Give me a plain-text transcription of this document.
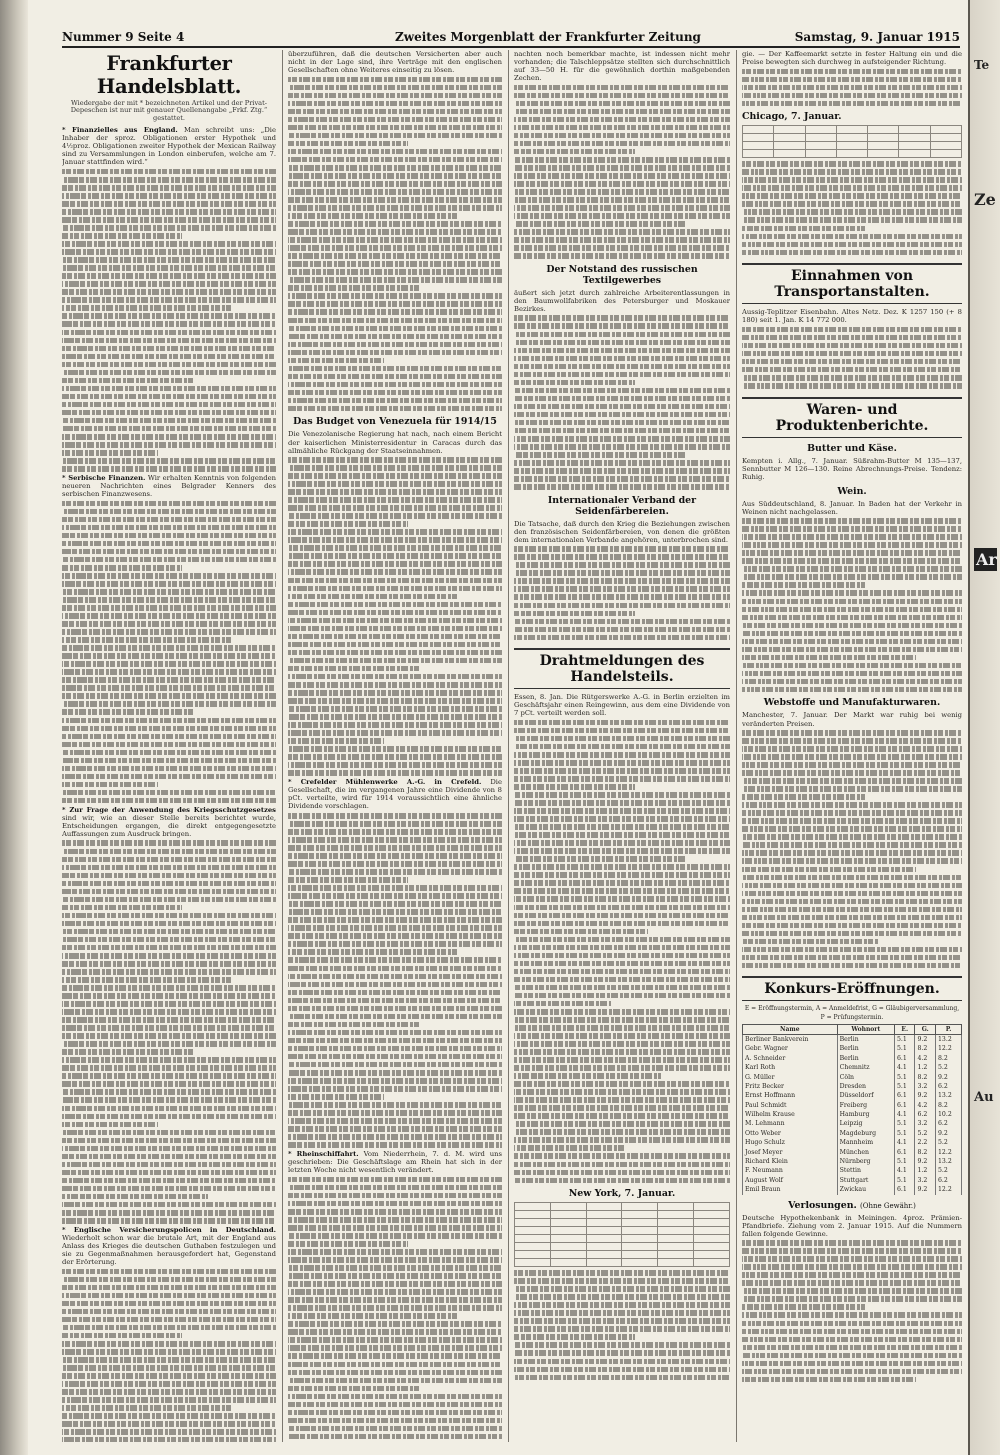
Nummer 9 Seite 4	Zweites Morgenblatt der Frankfurter Zeitung	Samstag, 9. Januar 1915
Frankfurter Handelsblatt.
Wiedergabe der mit * bezeichneten Artikel und der Privat-Depeschen ist nur mit genauer Quellenangabe „Frkf. Ztg.“ gestattet.

* Finanzielles aus England. Man schreibt uns: „Die Inhaber der sproz. Obligationen erster Hypothek und 4½proz. Obligationen zweiter Hypothek der Mexican Railway sind zu Versammlungen in London einberufen, welche am 7. Januar stattfinden wird.“

* Serbische Finanzen. Wir erhalten Kenntnis von folgenden neueren Nachrichten eines Belgrader Kenners des serbischen Finanzwesens.

* Zur Frage der Anwendung des Kriegsschutzgesetzes sind wir, wie an dieser Stelle bereits berichtet wurde, Entscheidungen ergangen, die direkt entgegengesetzte Auffassungen zum Ausdruck bringen.

* Englische Versicherungspolicen in Deutschland. Wiederholt schon war die brutale Art, mit der England aus Anlass des Krieges die deutschen Guthaben festzulegen und sie zu Gegenmaßnahmen herausgefordert hat, Gegenstand der Erörterung.

überzuführen, daß die deutschen Versicherten aber auch nicht in der Lage sind, ihre Verträge mit den englischen Gesellschaften ohne Weiteres einseitig zu lösen.

Das Budget von Venezuela für 1914/15

Die Venezolanische Regierung hat nach, nach einem Bericht der kaiserlichen Ministerresidentur in Caracas durch das allmähliche Rückgang der Staatseinnahmen.

* Crefelder Mühlenwerke A.-G. in Crefeld. Die Gesellschaft, die im vergangenen Jahre eine Dividende von 8 pCt. verteilte, wird für 1914 voraussichtlich eine ähnliche Dividende vorschlagen.

* Rheinschiffahrt. Vom Niederrhein, 7. d. M. wird uns geschrieben: Die Geschäftslage am Rhein hat sich in der letzten Woche nicht wesentlich verändert.

nachten noch bemerkbar machte, ist indessen nicht mehr vorhanden; die Talschleppsätze stellten sich durchschnittlich auf 33—50 H. für die gewöhnlich dorthin maßgebenden Zechen.

Der Notstand des russischen Textilgewerbes

äußert sich jetzt durch zahlreiche Arbeiterentlassungen in den Baumwollfabriken des Petersburger und Moskauer Bezirkes.

Internationaler Verband der Seidenfärbereien.

Die Tatsache, daß durch den Krieg die Beziehungen zwischen den französischen Seidenfärbereien, von denen die größten dem internationalen Verbande angehören, unterbrochen sind.

Drahtmeldungen des Handelsteils.

Essen, 8. Jan. Die Rütgerswerke A.-G. in Berlin erzielten im Geschäftsjahr einen Reingewinn, aus dem eine Dividende von 7 pCt. verteilt werden soll.

New York, 7. Januar.

gie. — Der Kaffeemarkt setzte in fester Haltung ein und die Preise bewegten sich durchweg in aufsteigender Richtung.

Chicago, 7. Januar.

Einnahmen von Transportanstalten.

Aussig-Teplitzer Eisenbahn. Altes Netz. Dez. K 1257 150 (+ 8 180) seit 1. Jan. K 14 772 000.

Waren- und Produktenberichte.
Butter und Käse.

Kempten i. Allg., 7. Januar. Süßrahm-Butter M 135—137, Sennbutter M 126—130. Reine Abrechnungs-Preise. Tendenz: Ruhig.

Wein.

Aus Süddeutschland, 8. Januar. In Baden hat der Verkehr in Weinen nicht nachgelassen.

Webstoffe und Manufakturwaren.

Manchester, 7. Januar. Der Markt war ruhig bei wenig veränderten Preisen.

Konkurs-Eröffnungen.

E = Eröffnungstermin, A = Anmeldefrist, G = Gläubigerversammlung, P = Prüfungstermin.

Name	Wohnort	E.	G.	P.
Berliner Bankverein	Berlin	5.1	9.2	13.2
Gebr. Wagner	Berlin	5.1	8.2	12.2
A. Schneider	Berlin	6.1	4.2	8.2
Karl Roth	Chemnitz	4.1	1.2	5.2
G. Müller	Cöln	5.1	8.2	9.2
Fritz Becker	Dresden	5.1	3.2	6.2
Ernst Hoffmann	Düsseldorf	6.1	9.2	13.2
Paul Schmidt	Freiberg	6.1	4.2	8.2
Wilhelm Krause	Hamburg	4.1	6.2	10.2
M. Lehmann	Leipzig	5.1	3.2	6.2
Otto Weber	Magdeburg	5.1	5.2	9.2
Hugo Schulz	Mannheim	4.1	2.2	5.2
Josef Meyer	München	6.1	8.2	12.2
Richard Klein	Nürnberg	5.1	9.2	13.2
F. Neumann	Stettin	4.1	1.2	5.2
August Wolf	Stuttgart	5.1	3.2	6.2
Emil Braun	Zwickau	6.1	9.2	12.2
Verlosungen. (Ohne Gewähr.)

Deutsche Hypothekenbank in Meiningen. 4proz. Prämien-Pfandbriefe. Ziehung vom 2. Januar 1915. Auf die Nummern fallen folgende Gewinne.

Te
Ze
Ar
Au
